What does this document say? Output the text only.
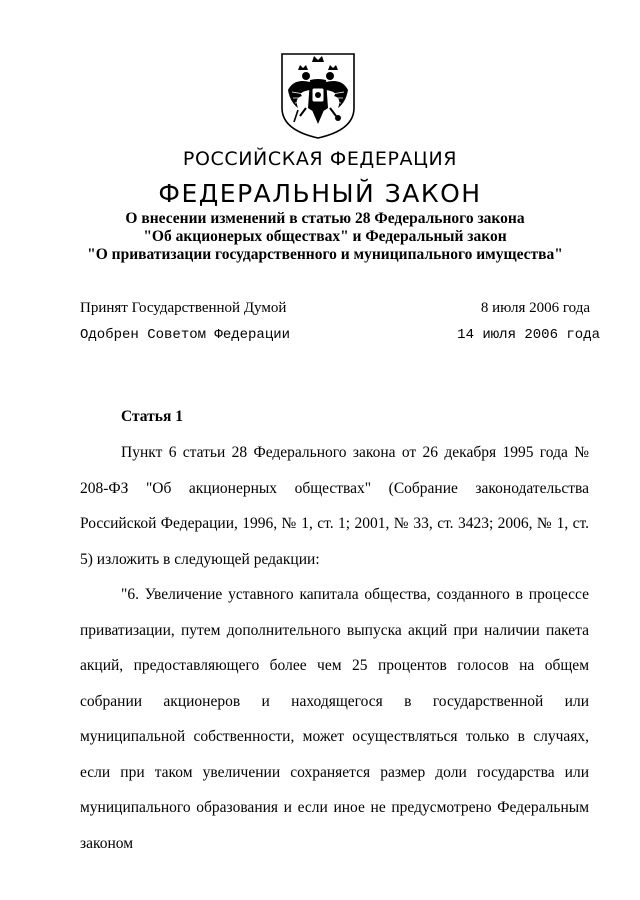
РОССИЙСКАЯ ФЕДЕРАЦИЯ
ФЕДЕРАЛЬНЫЙ ЗАКОН
О внесении изменений в статью 28 Федерального закона
"Об акционерых обществах" и Федеральный закон
"О приватизации государственного и муниципального имущества"
Принят Государственной Думой	8 июля 2006 года
Одобрен Советом Федерации	14 июля 2006 года
Статья 1

Пункт 6 статьи 28 Федерального закона от 26 декабря 1995 года № 208-ФЗ "Об акционерных обществах" (Собрание законодательства Российской Федерации, 1996, № 1, ст. 1; 2001, № 33, ст. 3423; 2006, № 1, ст. 5) изложить в следующей редакции:

"6. Увеличение уставного капитала общества, созданного в процессе приватизации, путем дополнительного выпуска акций при наличии пакета акций, предоставляющего более чем 25 процентов голосов на общем собрании акционеров и находящегося в государственной или муниципальной собственности, может осуществляться только в случаях, если при таком увеличении сохраняется размер доли государства или муниципального образования и если иное не предусмотрено Федеральным законом
